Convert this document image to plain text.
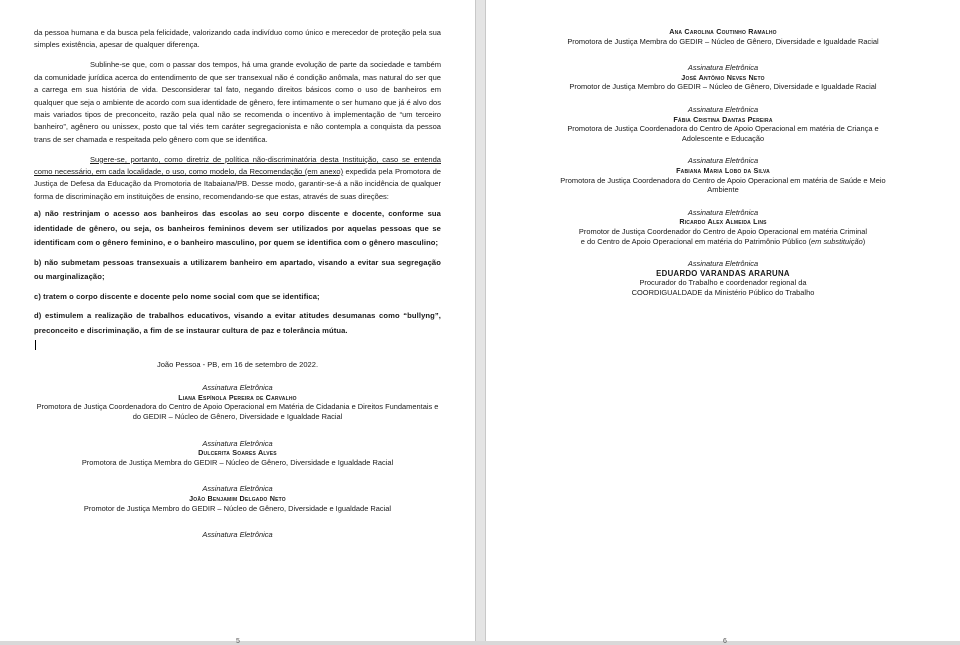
da pessoa humana e da busca pela felicidade, valorizando cada indivíduo como único e merecedor de proteção pela sua simples existência, apesar de qualquer diferença.

Sublinhe-se que, com o passar dos tempos, há uma grande evolução de parte da sociedade e também da comunidade jurídica acerca do entendimento de que ser transexual não é condição anômala, mas natural do ser que a carrega em sua história de vida. Desconsiderar tal fato, negando direitos básicos como o uso de banheiros em qualquer que seja o ambiente de acordo com sua identidade de gênero, fere intimamente o ser humano que já é alvo dos mais variados tipos de preconceito, razão pela qual não se recomenda o incentivo à implementação de “um terceiro banheiro”, agênero ou unissex, posto que tal viés tem caráter segregacionista e não contempla a conquista da pessoa trans de ser chamada e respeitada pelo gênero com que se identifica.

Sugere-se, portanto, como diretriz de política não-discriminatória desta Instituição, caso se entenda como necessário, em cada localidade, o uso, como modelo, da Recomendação (em anexo) expedida pela Promotora de Justiça de Defesa da Educação da Promotoria de Itabaiana/PB. Desse modo, garantir-se-á a não incidência de qualquer forma de discriminação em instituições de ensino, recomendando-se que estas, através de suas direções:

a) não restrinjam o acesso aos banheiros das escolas ao seu corpo discente e docente, conforme sua identidade de gênero, ou seja, os banheiros femininos devem ser utilizados por aquelas pessoas que se identificam com o gênero feminino, e o banheiro masculino, por quem se identifica com o gênero masculino;

b) não submetam pessoas transexuais a utilizarem banheiro em apartado, visando a evitar sua segregação ou marginalização;

c) tratem o corpo discente e docente pelo nome social com que se identifica;

d) estimulem a realização de trabalhos educativos, visando a evitar atitudes desumanas como “bullyng”, preconceito e discriminação, a fim de se instaurar cultura de paz e tolerância mútua.

João Pessoa - PB, em 16 de setembro de 2022.
Assinatura Eletrônica
Liana Espínola Pereira de Carvalho
Promotora de Justiça Coordenadora do Centro de Apoio Operacional em Matéria de Cidadania e Direitos Fundamentais e do GEDIR – Núcleo de Gênero, Diversidade e Igualdade Racial
Assinatura Eletrônica
Dulcerita Soares Alves
Promotora de Justiça Membra do GEDIR – Núcleo de Gênero, Diversidade e Igualdade Racial
Assinatura Eletrônica
João Benjamim Delgado Neto
Promotor de Justiça Membro do GEDIR – Núcleo de Gênero, Diversidade e Igualdade Racial
Assinatura Eletrônica
5
Ana Carolina Coutinho Ramalho
Promotora de Justiça Membra do GEDIR – Núcleo de Gênero, Diversidade e Igualdade Racial
Assinatura Eletrônica
José Antônio Neves Neto
Promotor de Justiça Membro do GEDIR – Núcleo de Gênero, Diversidade e Igualdade Racial
Assinatura Eletrônica
Fábia Cristina Dantas Pereira
Promotora de Justiça Coordenadora do Centro de Apoio Operacional em matéria de Criança e Adolescente e Educação
Assinatura Eletrônica
Fabiana Maria Lobo da Silva
Promotora de Justiça Coordenadora do Centro de Apoio Operacional em matéria de Saúde e Meio Ambiente
Assinatura Eletrônica
Ricardo Alex Almeida Lins
Promotor de Justiça Coordenador do Centro de Apoio Operacional em matéria Criminal
e do Centro de Apoio Operacional em matéria do Patrimônio Público (em substituição)
Assinatura Eletrônica
EDUARDO VARANDAS ARARUNA
Procurador do Trabalho e coordenador regional da COORDIGUALDADE da Ministério Público do Trabalho
6
